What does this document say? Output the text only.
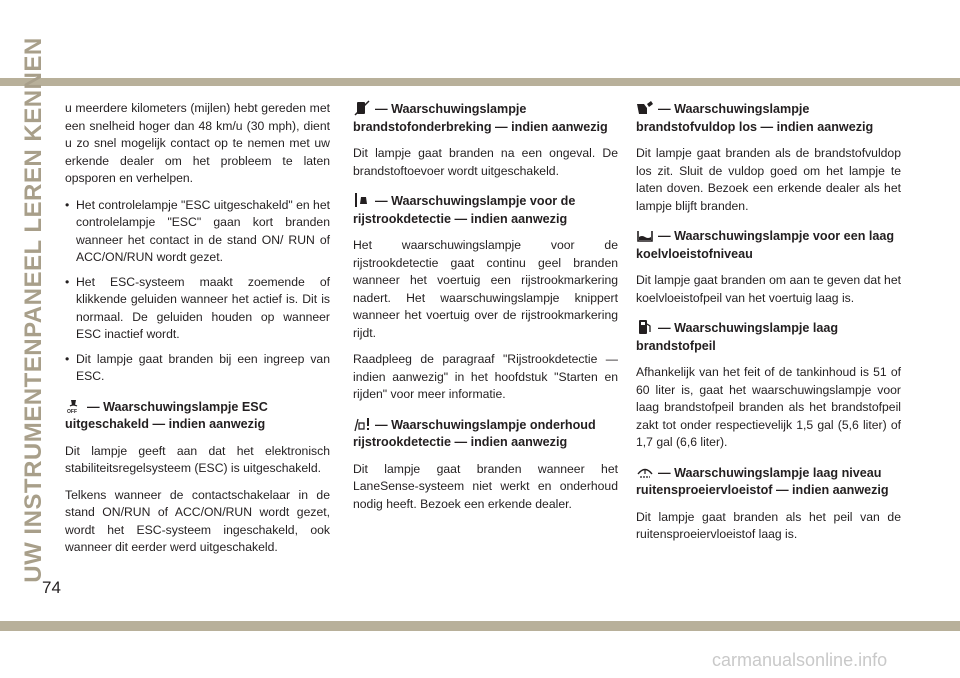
UW INSTRUMENTENPANEEL LEREN KENNEN u meerdere kilometers (mijlen) hebt gereden met een snelheid hoger dan 48 km/u (30 mph), dient u zo snel mogelijk contact op te nemen met uw erkende dealer om het probleem te laten opsporen en verhelpen.

• Het controlelampje "ESC uitgeschakeld" en het controlelampje "ESC" gaan kort branden wanneer het contact in de stand ON/ RUN of ACC/ON/RUN wordt gezet.
• Het ESC-systeem maakt zoemende of klikkende geluiden wanneer het actief is. Dit is normaal. De geluiden houden op wanneer ESC inactief wordt.
• Dit lampje gaat branden bij een ingreep van ESC.
OFF — Waarschuwingslampje ESC uitgeschakeld — indien aanwezig

Dit lampje geeft aan dat het elektronisch stabiliteitsregelsysteem (ESC) is uitgeschakeld.

Telkens wanneer de contactschakelaar in de stand ON/RUN of ACC/ON/RUN wordt gezet, wordt het ESC-systeem ingeschakeld, ook wanneer dit eerder werd uitgeschakeld.

— Waarschuwingslampje brandstofonderbreking — indien aanwezig

Dit lampje gaat branden na een ongeval. De brandstoftoevoer wordt uitgeschakeld.

— Waarschuwingslampje voor de rijstrookdetectie — indien aanwezig

Het waarschuwingslampje voor de rijstrookdetectie gaat continu geel branden wanneer het voertuig een rijstrookmarkering nadert. Het waarschuwingslampje knippert wanneer het voertuig over de rijstrookmarkering rijdt.

Raadpleeg de paragraaf "Rijstrookdetectie — indien aanwezig" in het hoofdstuk "Starten en rijden" voor meer informatie.

— Waarschuwingslampje onderhoud rijstrookdetectie — indien aanwezig

Dit lampje gaat branden wanneer het LaneSense-systeem niet werkt en onderhoud nodig heeft. Bezoek een erkende dealer.

— Waarschuwingslampje brandstofvuldop los — indien aanwezig

Dit lampje gaat branden als de brandstofvuldop los zit. Sluit de vuldop goed om het lampje te laten doven. Bezoek een erkende dealer als het lampje blijft branden.

— Waarschuwingslampje voor een laag koelvloeistofniveau

Dit lampje gaat branden om aan te geven dat het koelvloeistofpeil van het voertuig laag is.

— Waarschuwingslampje laag brandstofpeil

Afhankelijk van het feit of de tankinhoud is 51 of 60 liter is, gaat het waarschuwingslampje voor laag brandstofpeil branden als het brandstofpeil zakt tot onder respectievelijk 1,5 gal (5,6 liter) of 1,7 gal (6,6 liter).

— Waarschuwingslampje laag niveau ruitensproeiervloeistof — indien aanwezig

Dit lampje gaat branden als het peil van de ruitensproeiervloeistof laag is.

74
carmanualsonline.info
